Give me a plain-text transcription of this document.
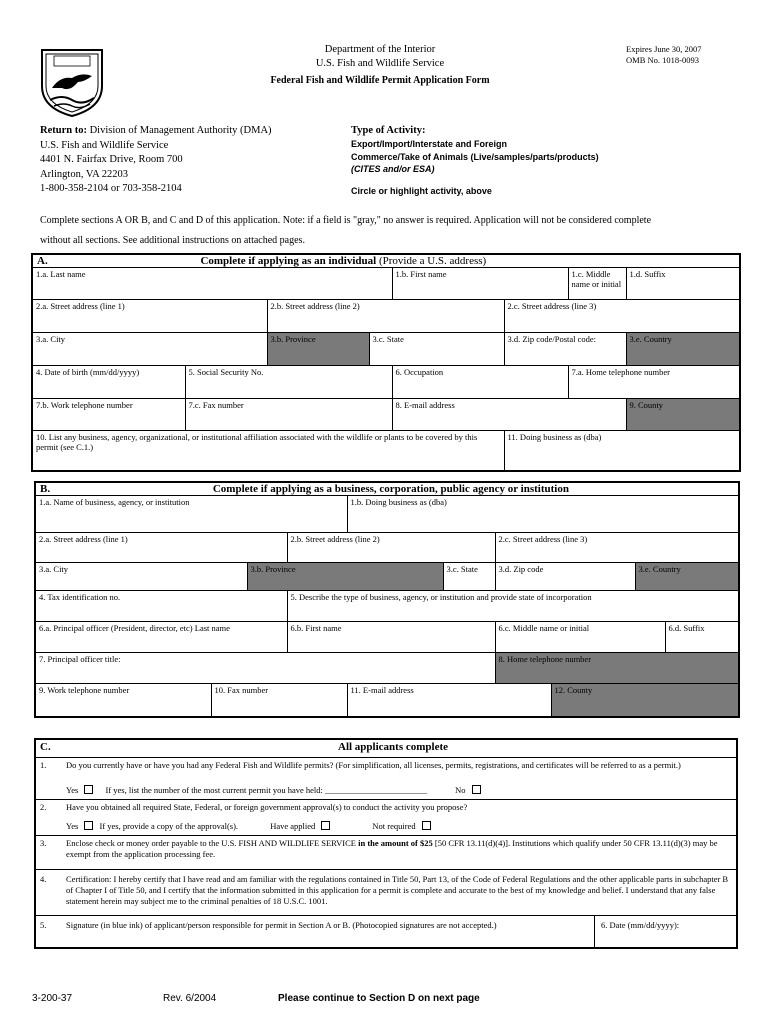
Department of the Interior
U.S. Fish and Wildlife Service
Federal Fish and Wildlife Permit Application Form
Expires June 30, 2007
OMB No. 1018-0093
Return to: Division of Management Authority (DMA)
U.S. Fish and Wildlife Service
4401 N. Fairfax Drive, Room 700
Arlington, VA 22203
1-800-358-2104 or 703-358-2104
Type of Activity:
Export/Import/Interstate and Foreign
Commerce/Take of Animals (Live/samples/parts/products)
(CITES and/or ESA)
Circle or highlight activity, above
Complete sections A OR B, and C and D of this application. Note: if a field is "gray," no answer is required. Application will not be considered complete
without all sections. See additional instructions on attached pages.
A. Complete if applying as an individual (Provide a U.S. address)							
1.a. Last name				1.b. First name		1.c. Middle name or initial	1.d. Suffix
2.a. Street address (line 1)		2.b. Street address (line 2)			2.c. Street address (line 3)		
3.a. City		3.b. Province	3.c. State		3.d. Zip code/Postal code:		3.e. Country
4. Date of birth (mm/dd/yyyy)	5. Social Security No.			6. Occupation		7.a. Home telephone number	
7.b. Work telephone number	7.c. Fax number			8. E-mail address			9. County
10. List any business, agency, organizational, or institutional affiliation associated with the wildlife or plants to be covered by this permit (see C.1.)					11. Doing business as (dba)		
B. Complete if applying as a business, corporation, public agency or institution									
1.a. Name of business, agency, or institution				1.b. Doing business as (dba)					
2.a. Street address (line 1)			2.b. Street address (line 2)			2.c. Street address (line 3)			
3.a. City		3.b. Province			3.c. State	3.d. Zip code		3.e. Country	
4. Tax identification no.			5. Describe the type of business, agency, or institution and provide state of incorporation						
6.a. Principal officer (President, director, etc) Last name			6.b. First name			6.c. Middle name or initial			6.d. Suffix
7. Principal officer title:						8. Home telephone number			
9. Work telephone number	10. Fax number			11. E-mail address			12. County		
C.	All applicants complete
1. Do you currently have or have you had any Federal Fish and Wildlife permits? (For simplification, all licenses, permits, registrations, and certificates will be referred to as a permit.)
Yes	If yes, list the number of the most current permit you have held: ________________________	No
2. Have you obtained all required State, Federal, or foreign government approval(s) to conduct the activity you propose?
Yes If yes, provide a copy of the approval(s).	Have applied	Not required
3. Enclose check or money order payable to the U.S. FISH AND WILDLIFE SERVICE in the amount of $25 [50 CFR 13.11(d)(4)]. Institutions which qualify under 50 CFR 13.11(d)(3) may be exempt from the application processing fee.
4. Certification: I hereby certify that I have read and am familiar with the regulations contained in Title 50, Part 13, of the Code of Federal Regulations and the other applicable parts in subchapter B of Chapter I of Title 50, and I certify that the information submitted in this application for a permit is complete and accurate to the best of my knowledge and belief. I understand that any false statement herein may subject me to the criminal penalties of 18 U.S.C. 1001.
5. Signature (in blue ink) of applicant/person responsible for permit in Section A or B. (Photocopied signatures are not accepted.)	6. Date (mm/dd/yyyy):
3-200-37	Rev. 6/2004	Please continue to Section D on next page
